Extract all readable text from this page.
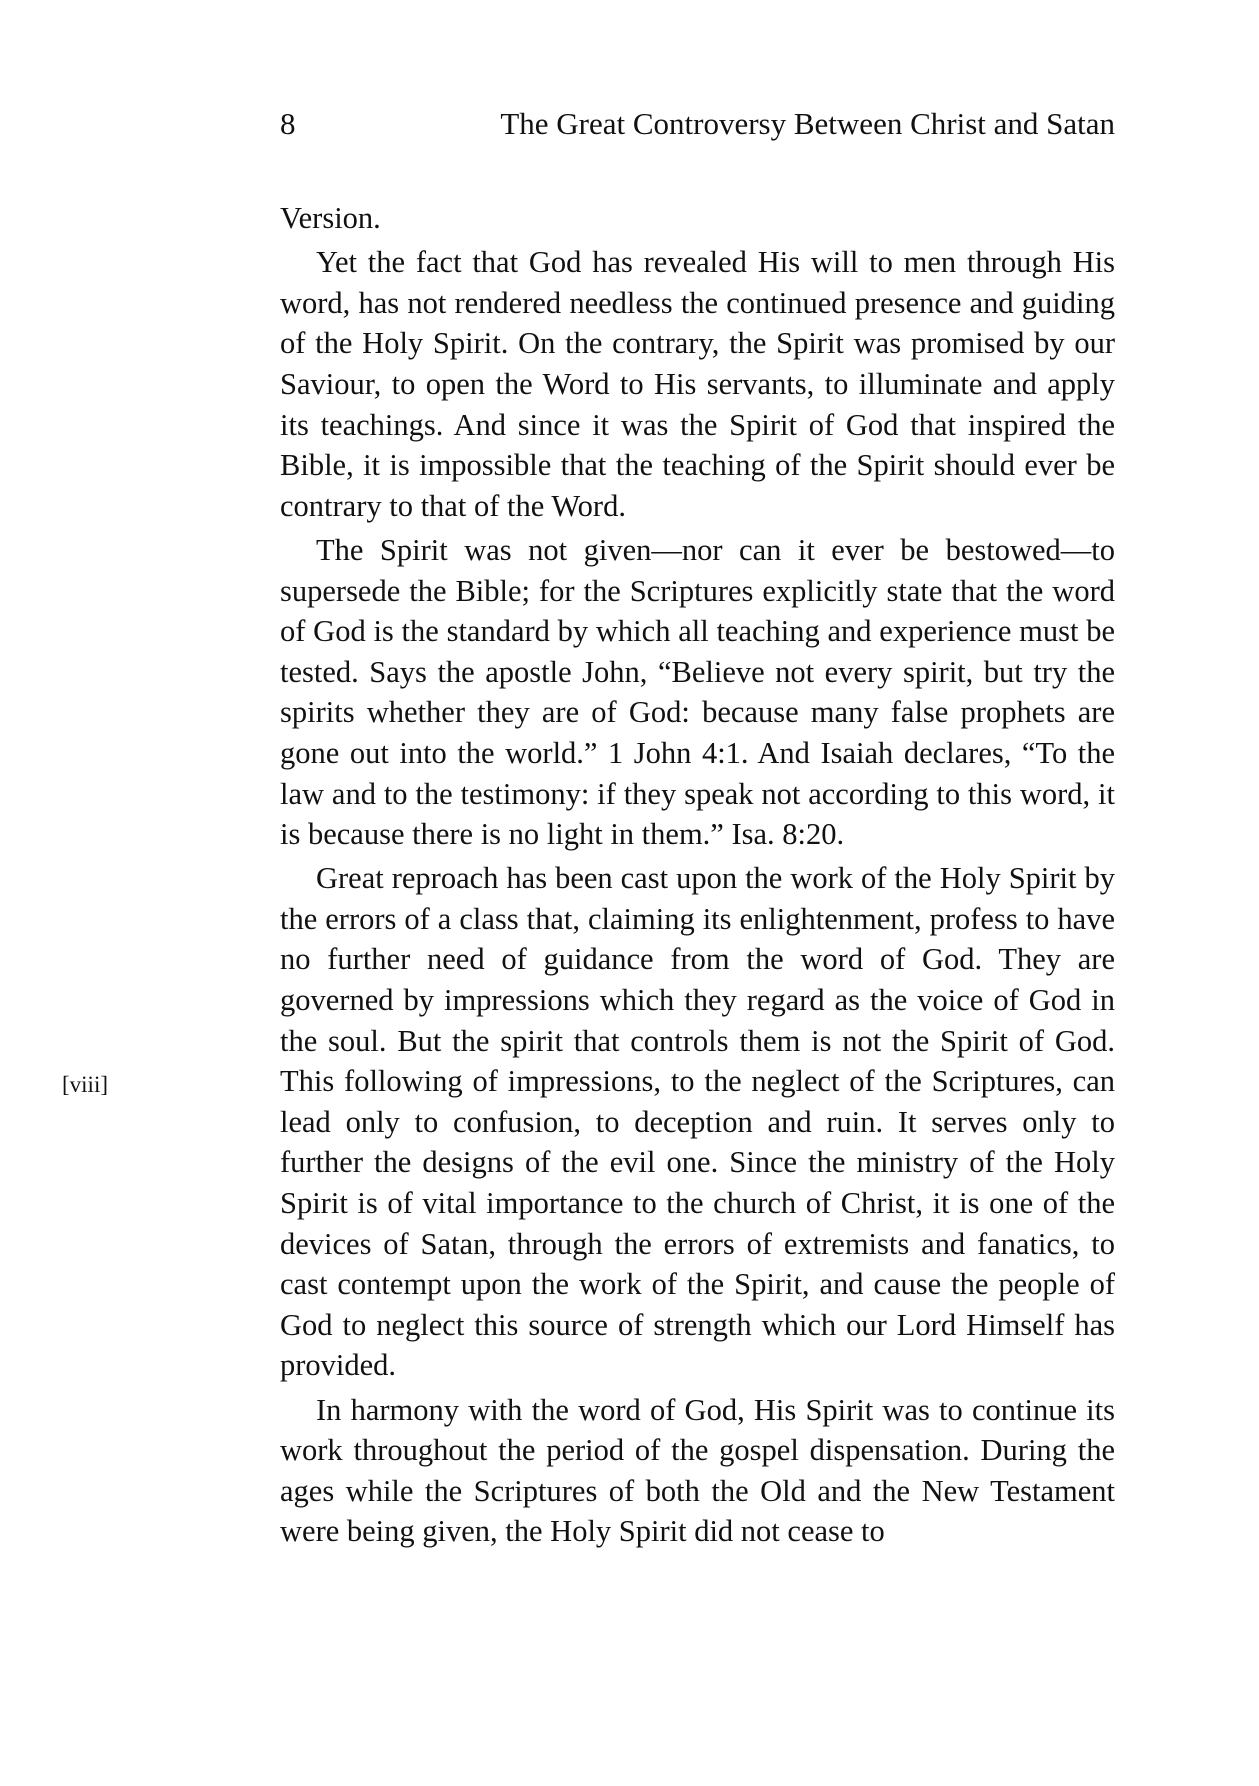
8	The Great Controversy Between Christ and Satan
[viii]

Version.

Yet the fact that God has revealed His will to men through His word, has not rendered needless the continued presence and guiding of the Holy Spirit. On the contrary, the Spirit was promised by our Saviour, to open the Word to His servants, to illuminate and apply its teachings. And since it was the Spirit of God that inspired the Bible, it is impossible that the teaching of the Spirit should ever be contrary to that of the Word.

The Spirit was not given—nor can it ever be bestowed—to supersede the Bible; for the Scriptures explicitly state that the word of God is the standard by which all teaching and experience must be tested. Says the apostle John, “Believe not every spirit, but try the spirits whether they are of God: because many false prophets are gone out into the world.” 1 John 4:1. And Isaiah declares, “To the law and to the testimony: if they speak not according to this word, it is because there is no light in them.” Isa. 8:20.

Great reproach has been cast upon the work of the Holy Spirit by the errors of a class that, claiming its enlightenment, profess to have no further need of guidance from the word of God. They are governed by impressions which they regard as the voice of God in the soul. But the spirit that controls them is not the Spirit of God. This following of impressions, to the neglect of the Scriptures, can lead only to confusion, to deception and ruin. It serves only to further the designs of the evil one. Since the ministry of the Holy Spirit is of vital importance to the church of Christ, it is one of the devices of Satan, through the errors of extremists and fanatics, to cast contempt upon the work of the Spirit, and cause the people of God to neglect this source of strength which our Lord Himself has provided.

In harmony with the word of God, His Spirit was to continue its work throughout the period of the gospel dispensation. During the ages while the Scriptures of both the Old and the New Testament were being given, the Holy Spirit did not cease to
